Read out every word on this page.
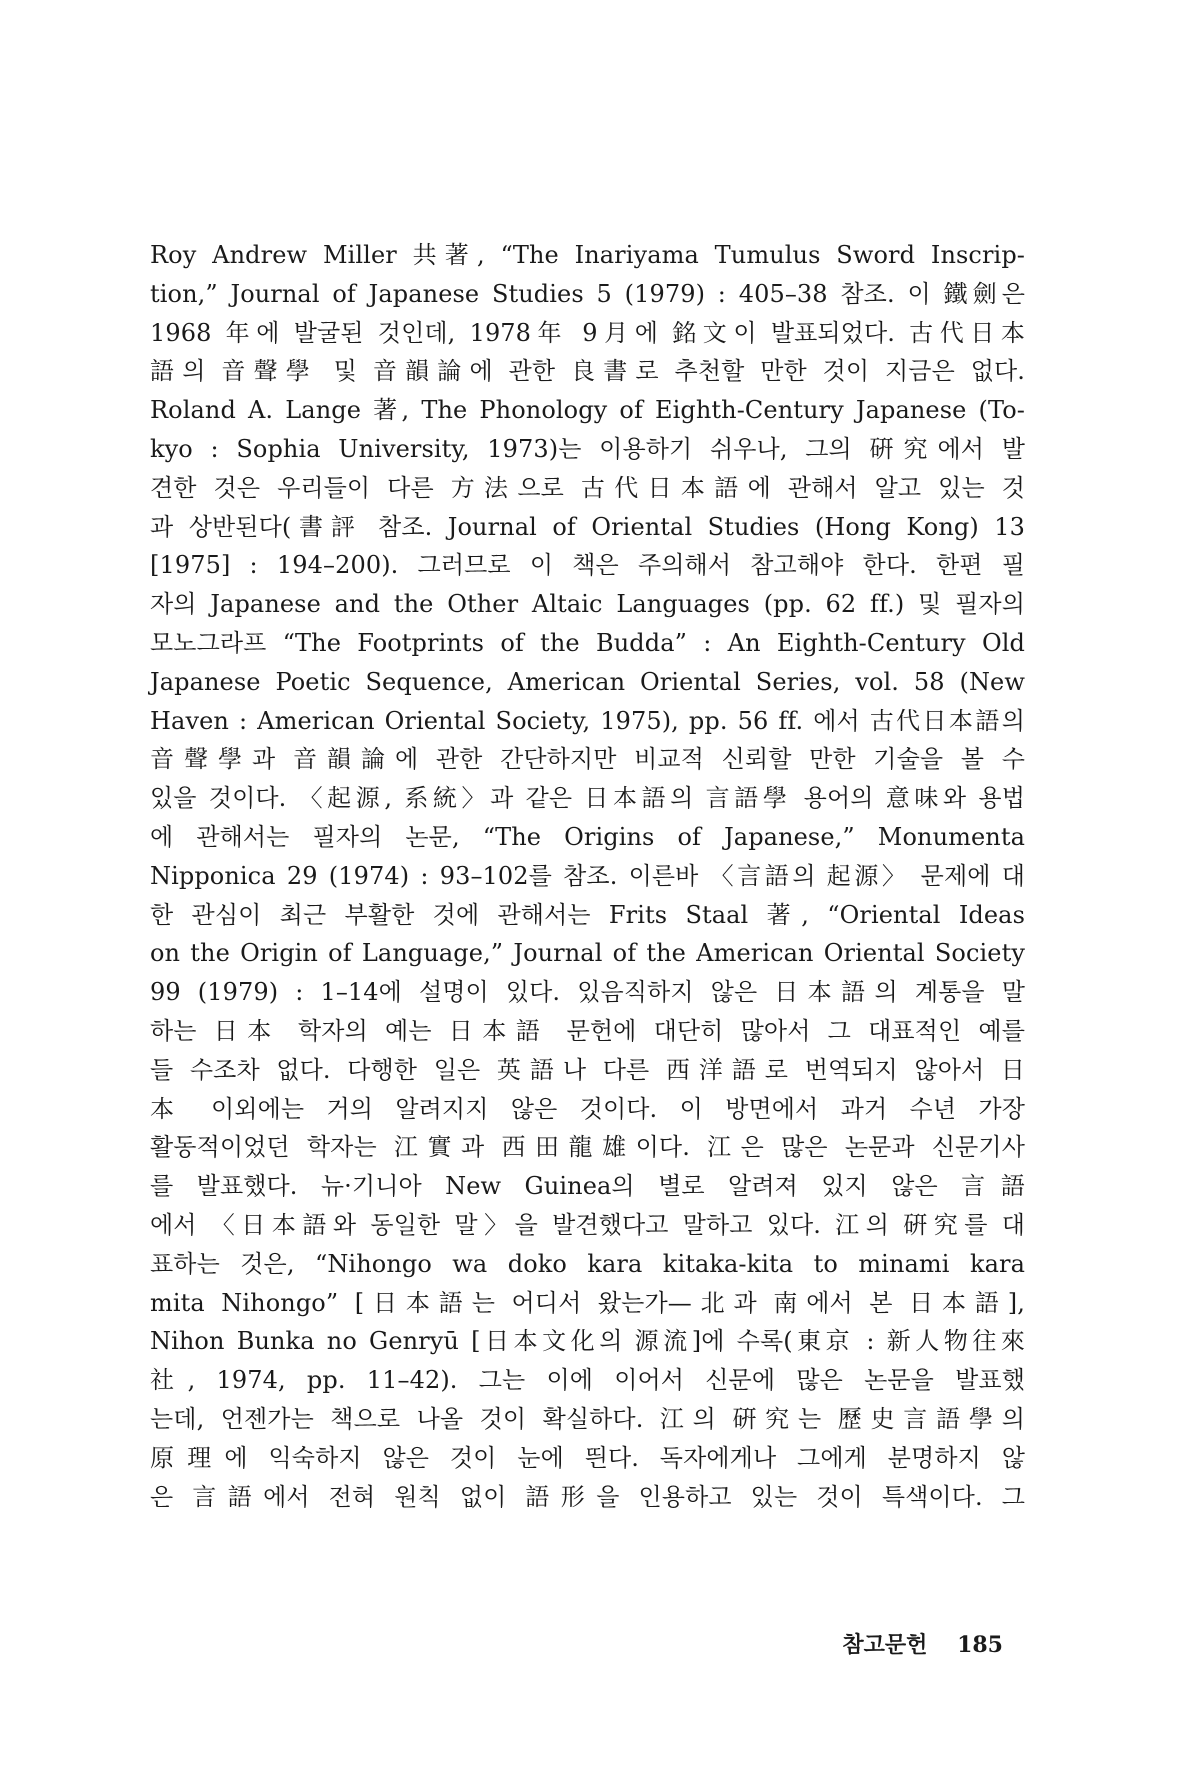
Roy Andrew Miller 共著, “The Inariyama Tumulus Sword Inscrip-
tion,” Journal of Japanese Studies 5 (1979) : 405–38 참조. 이 鐵劍은
1968 年에 발굴된 것인데, 1978年 9月에 銘文이 발표되었다. 古代日本
語의 音聲學 및 音韻論에 관한 良書로 추천할 만한 것이 지금은 없다.
Roland A. Lange 著, The Phonology of Eighth-Century Japanese (To-
kyo : Sophia University, 1973)는 이용하기 쉬우나, 그의 硏究에서 발
견한 것은 우리들이 다른 方法으로 古代日本語에 관해서 알고 있는 것
과 상반된다(書評 참조. Journal of Oriental Studies (Hong Kong) 13
[1975] : 194–200). 그러므로 이 책은 주의해서 참고해야 한다. 한편 필
자의 Japanese and the Other Altaic Languages (pp. 62 ff.) 및 필자의
모노그라프 “The Footprints of the Budda” : An Eighth-Century Old
Japanese Poetic Sequence, American Oriental Series, vol. 58 (New
Haven : American Oriental Society, 1975), pp. 56 ff. 에서 古代日本語의
音聲學과 音韻論에 관한 간단하지만 비교적 신뢰할 만한 기술을 볼 수
있을 것이다. 〈起源, 系統〉과 같은 日本語의 言語學 용어의 意味와 용법
에 관해서는 필자의 논문, “The Origins of Japanese,” Monumenta
Nipponica 29 (1974) : 93–102를 참조. 이른바 〈言語의 起源〉 문제에 대
한 관심이 최근 부활한 것에 관해서는 Frits Staal 著, “Oriental Ideas
on the Origin of Language,” Journal of the American Oriental Society
99 (1979) : 1–14에 설명이 있다. 있음직하지 않은 日本語의 계통을 말
하는 日本 학자의 예는 日本語 문헌에 대단히 많아서 그 대표적인 예를
들 수조차 없다. 다행한 일은 英語나 다른 西洋語로 번역되지 않아서 日
本 이외에는 거의 알려지지 않은 것이다. 이 방면에서 과거 수년 가장
활동적이었던 학자는 江實과 西田龍雄이다. 江은 많은 논문과 신문기사
를 발표했다. 뉴·기니아 New Guinea의 별로 알려져 있지 않은 言語
에서 〈日本語와 동일한 말〉을 발견했다고 말하고 있다. 江의 硏究를 대
표하는 것은, “Nihongo wa doko kara kitaka-kita to minami kara
mita Nihongo” [日本語는 어디서 왔는가—北과 南에서 본 日本語],
Nihon Bunka no Genryū [日本文化의 源流]에 수록(東京 : 新人物往來
社, 1974, pp. 11–42). 그는 이에 이어서 신문에 많은 논문을 발표했
는데, 언젠가는 책으로 나올 것이 확실하다. 江의 硏究는 歷史言語學의
原理에 익숙하지 않은 것이 눈에 띈다. 독자에게나 그에게 분명하지 않
은 言語에서 전혀 원칙 없이 語形을 인용하고 있는 것이 특색이다. 그
참고문헌 185
